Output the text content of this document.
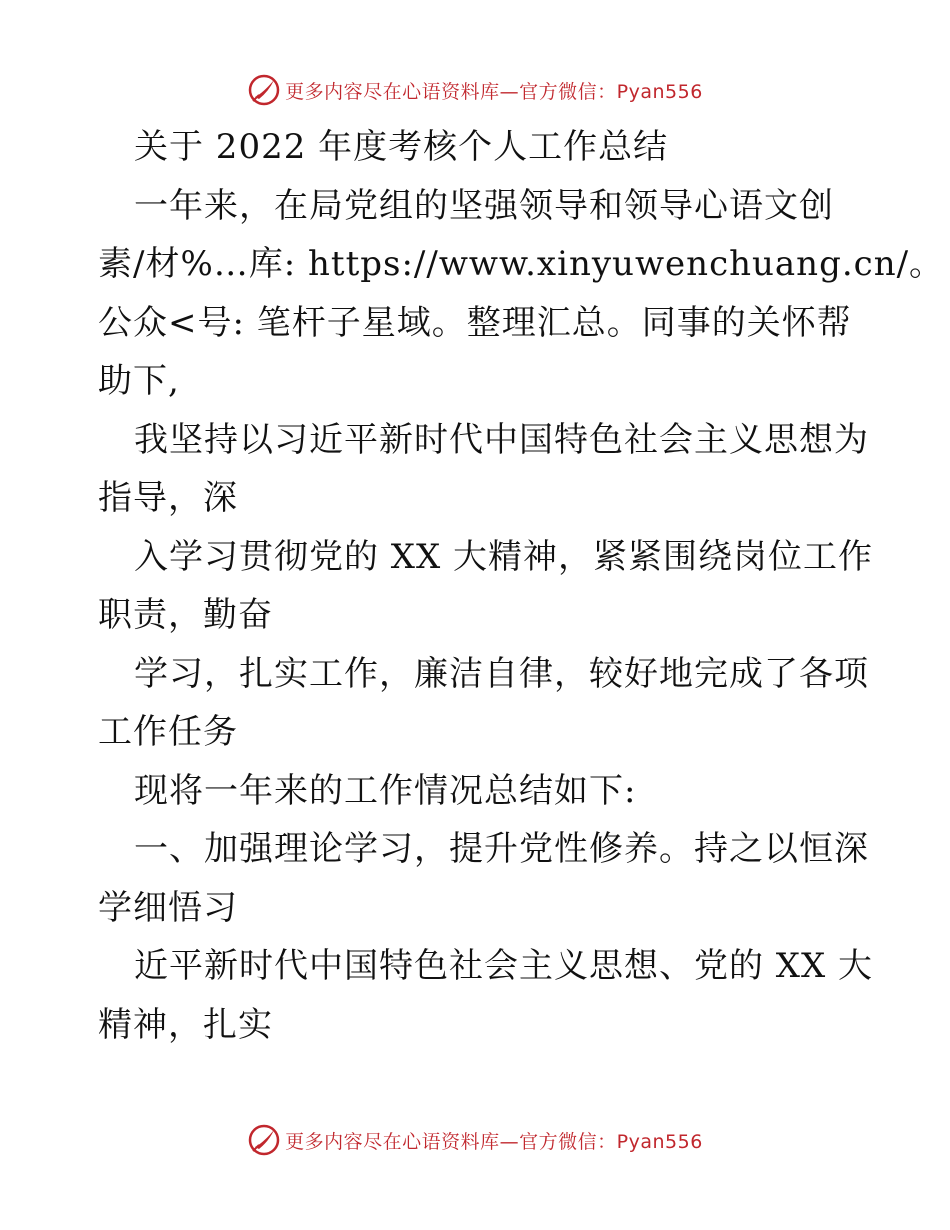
更多内容尽在心语资料库—官方微信：Pyan556
关于 2022 年度考核个人工作总结
一年来，在局党组的坚强领导和领导心语文创
素/材%…库: https://www.xinyuwenchuang.cn/。
公众<号: 笔杆子星域。整理汇总。同事的关怀帮
助下,
我坚持以习近平新时代中国特色社会主义思想为
指导，深
入学习贯彻党的 XX 大精神，紧紧围绕岗位工作
职责，勤奋
学习，扎实工作，廉洁自律，较好地完成了各项
工作任务
现将一年来的工作情况总结如下:
一、加强理论学习，提升党性修养。持之以恒深
学细悟习
近平新时代中国特色社会主义思想、党的 XX 大
精神，扎实
更多内容尽在心语资料库—官方微信：Pyan556
